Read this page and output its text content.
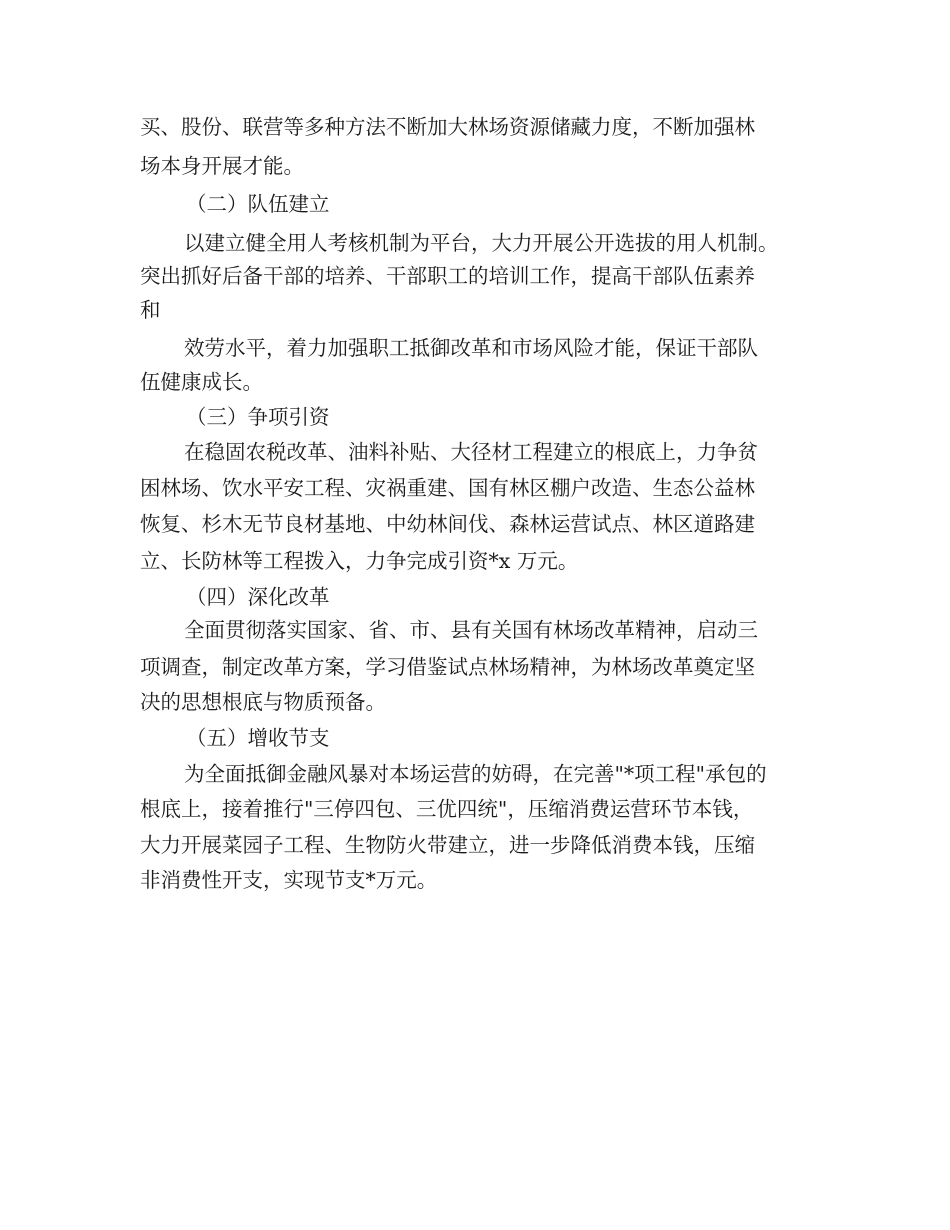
买、股份、联营等多种方法不断加大林场资源储藏力度，不断加强林
场本身开展才能。
（二）队伍建立
以建立健全用人考核机制为平台，大力开展公开选拔的用人机制。
突出抓好后备干部的培养、干部职工的培训工作，提高干部队伍素养
和
效劳水平，着力加强职工抵御改革和市场风险才能，保证干部队
伍健康成长。
（三）争项引资
在稳固农税改革、油料补贴、大径材工程建立的根底上，力争贫
困林场、饮水平安工程、灾祸重建、国有林区棚户改造、生态公益林
恢复、杉木无节良材基地、中幼林间伐、森林运营试点、林区道路建
立、长防林等工程拨入，力争完成引资*x 万元。
（四）深化改革
全面贯彻落实国家、省、市、县有关国有林场改革精神，启动三
项调查，制定改革方案，学习借鉴试点林场精神，为林场改革奠定坚
决的思想根底与物质预备。
（五）增收节支
为全面抵御金融风暴对本场运营的妨碍，在完善"*项工程"承包的
根底上，接着推行"三停四包、三优四统"，压缩消费运营环节本钱，
大力开展菜园子工程、生物防火带建立，进一步降低消费本钱，压缩
非消费性开支，实现节支*万元。
